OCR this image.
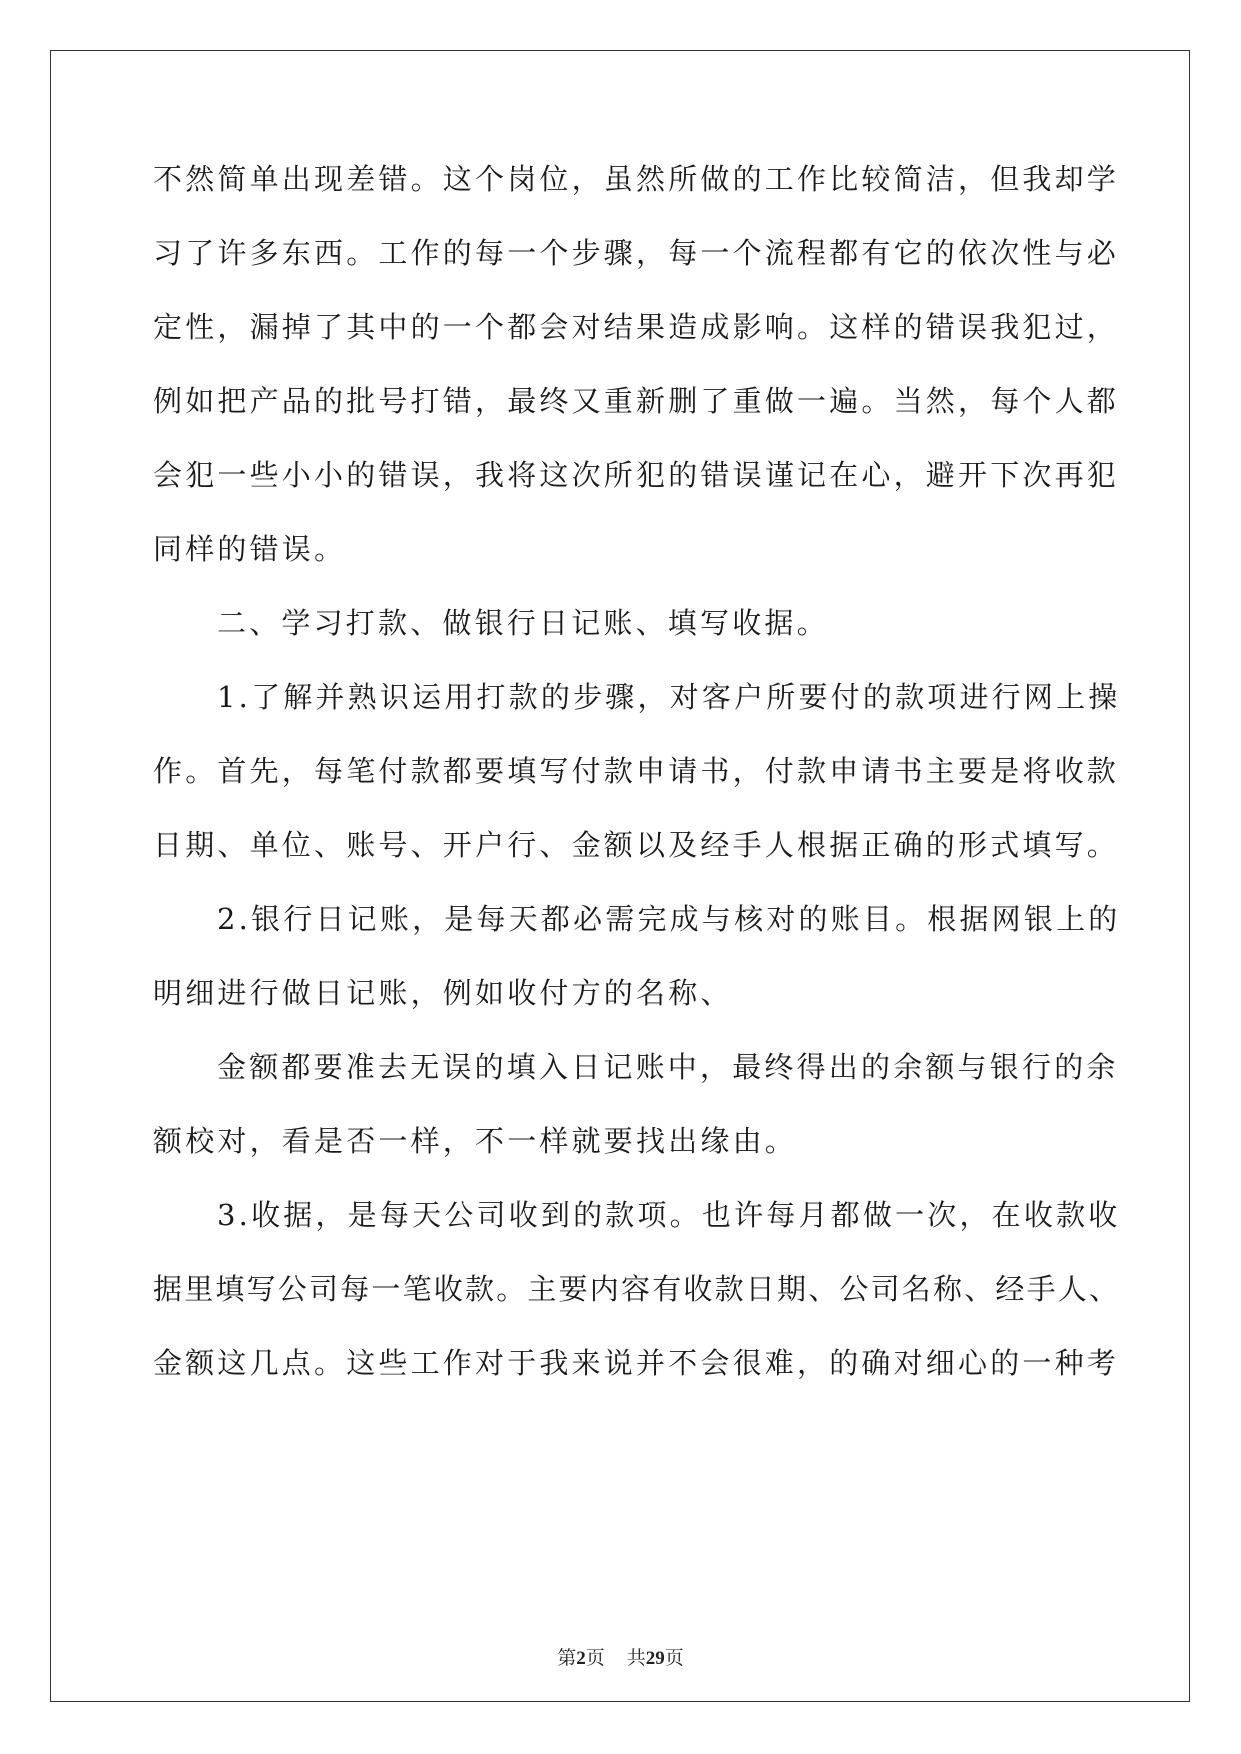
不然简单出现差错。这个岗位，虽然所做的工作比较简洁，但我却学
习了许多东西。工作的每一个步骤，每一个流程都有它的依次性与必
定性，漏掉了其中的一个都会对结果造成影响。这样的错误我犯过，
例如把产品的批号打错，最终又重新删了重做一遍。当然，每个人都
会犯一些小小的错误，我将这次所犯的错误谨记在心，避开下次再犯
同样的错误。
二、学习打款、做银行日记账、填写收据。
1.了解并熟识运用打款的步骤，对客户所要付的款项进行网上操
作。首先，每笔付款都要填写付款申请书，付款申请书主要是将收款
日期、单位、账号、开户行、金额以及经手人根据正确的形式填写。
2.银行日记账，是每天都必需完成与核对的账目。根据网银上的
明细进行做日记账，例如收付方的名称、
金额都要准去无误的填入日记账中，最终得出的余额与银行的余
额校对，看是否一样，不一样就要找出缘由。
3.收据，是每天公司收到的款项。也许每月都做一次，在收款收
据里填写公司每一笔收款。主要内容有收款日期、公司名称、经手人、
金额这几点。这些工作对于我来说并不会很难，的确对细心的一种考
第2页 共29页
